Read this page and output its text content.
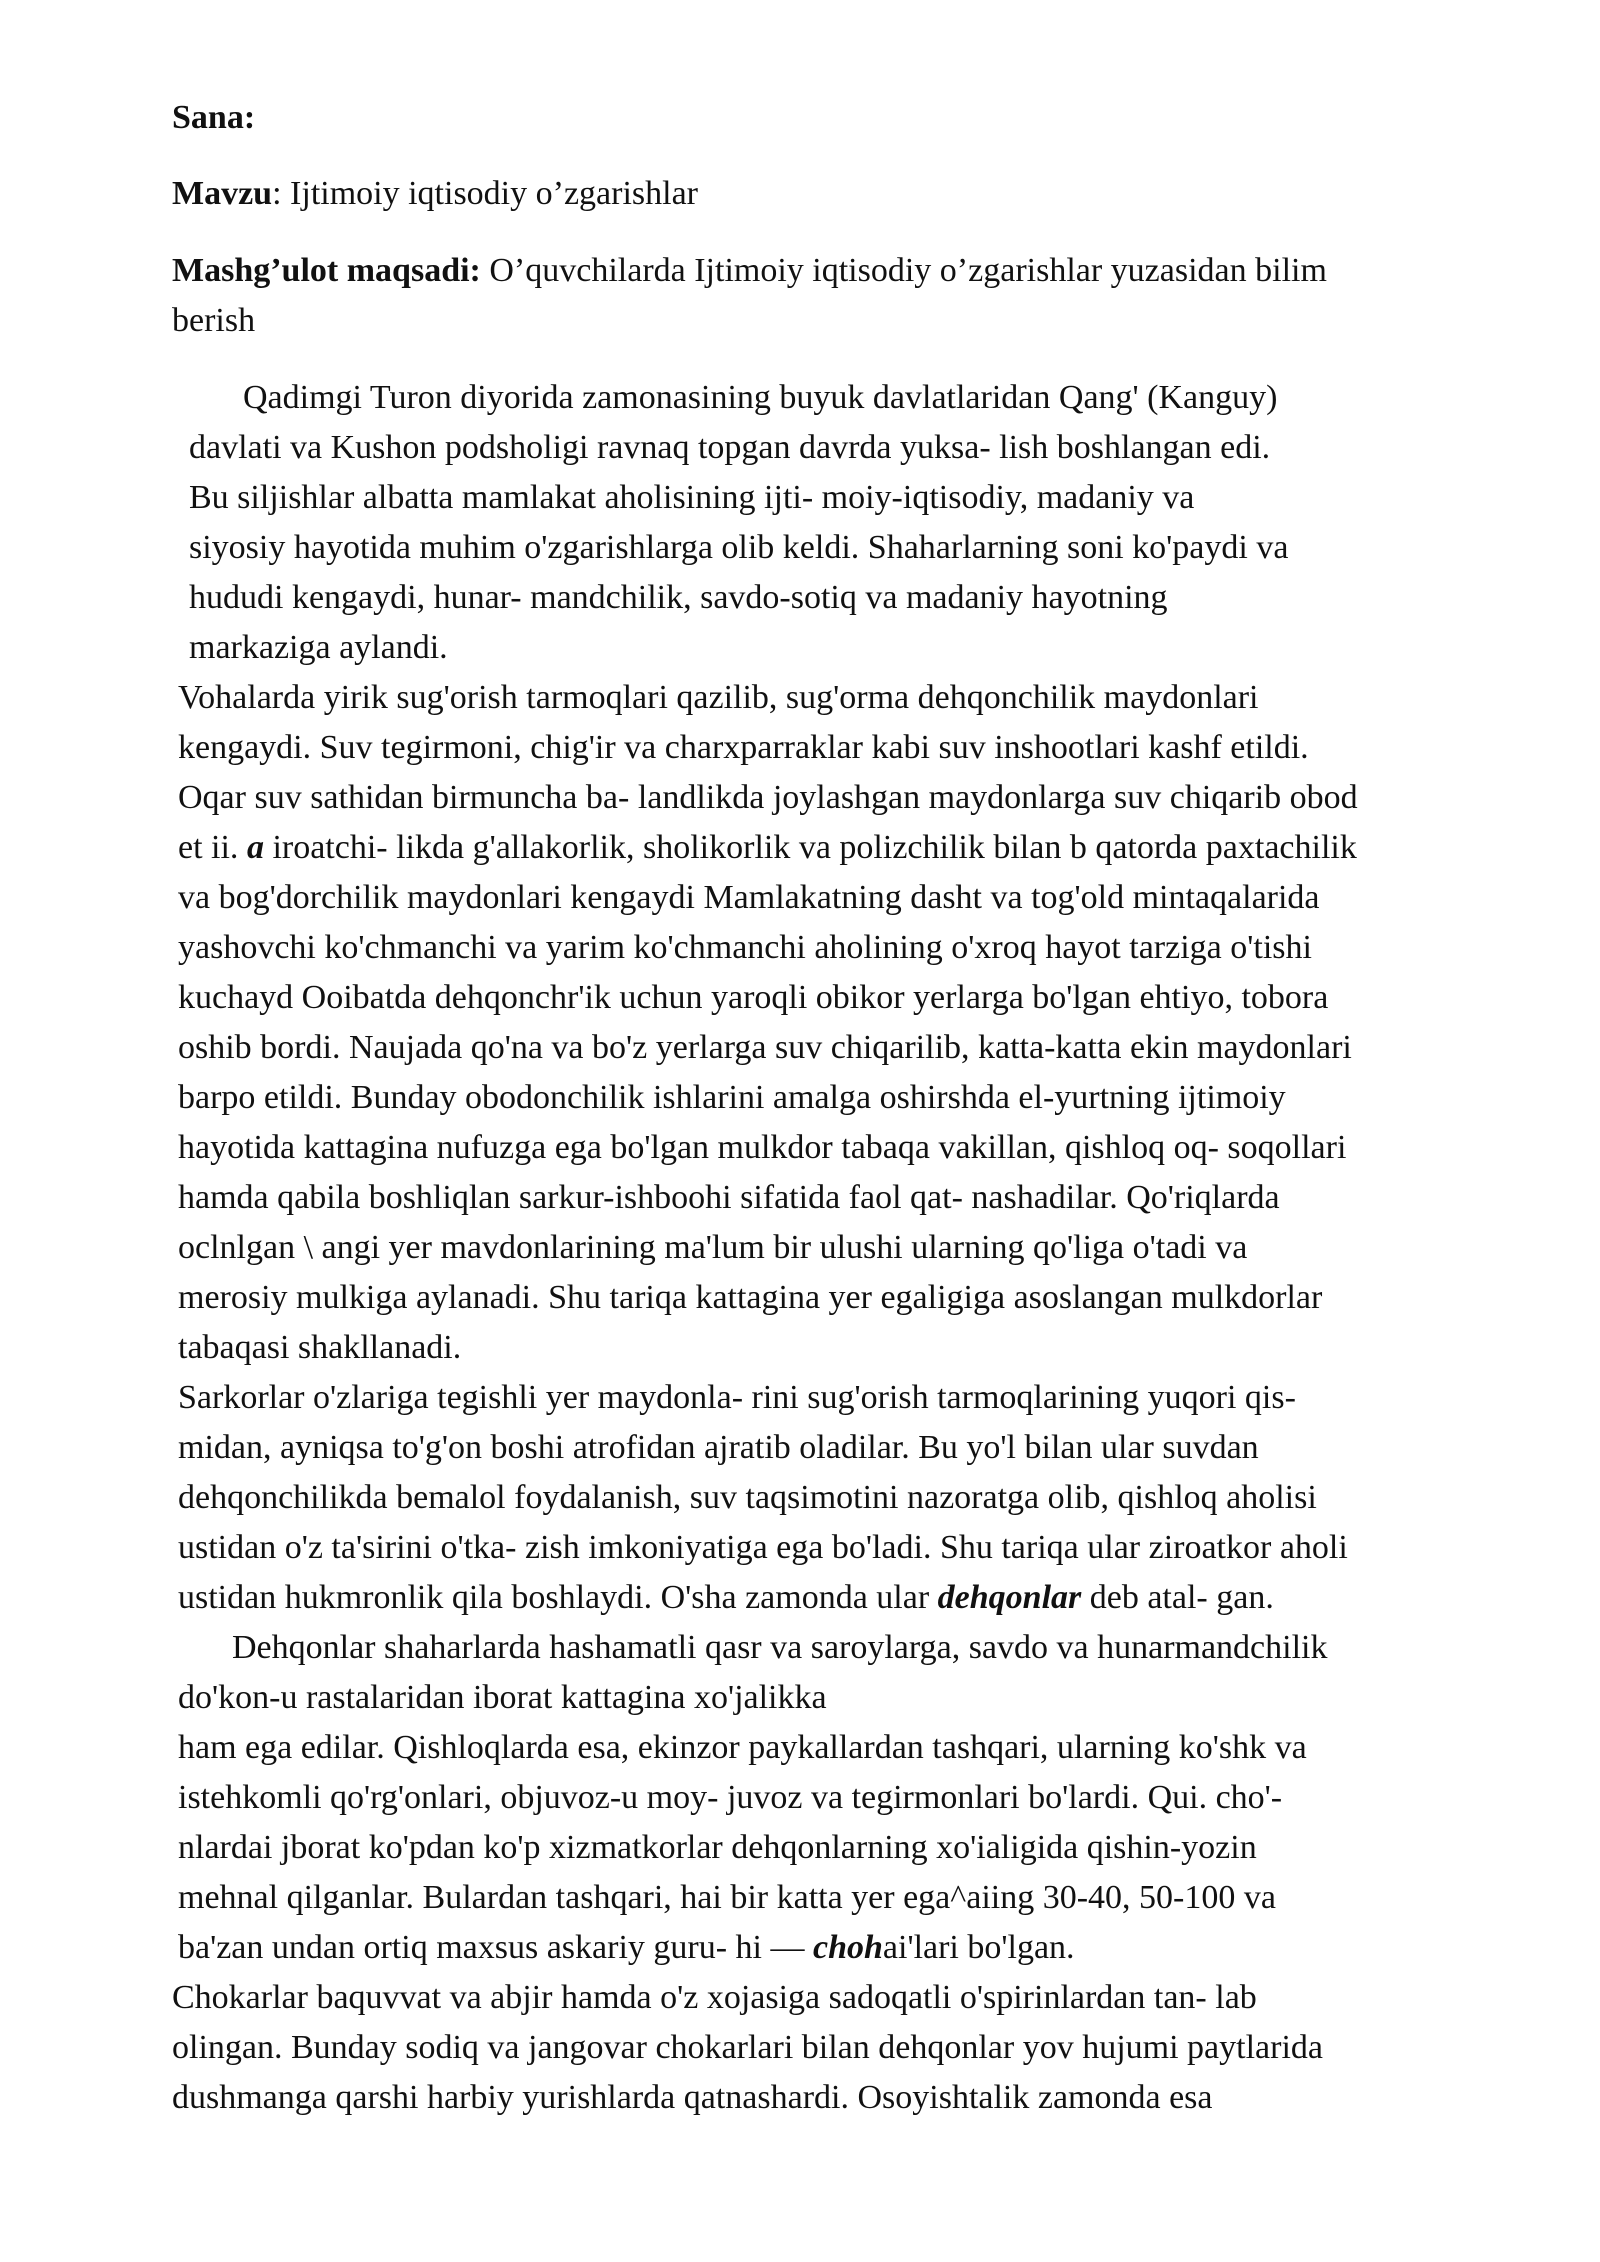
Sana:

Mavzu: Ijtimoiy iqtisodiy o’zgarishlar

Mashg’ulot maqsadi: O’quvchilarda Ijtimoiy iqtisodiy o’zgarishlar yuzasidan bilim
berish

Qadimgi Turon diyorida zamonasining buyuk davlatlaridan Qang' (Kanguy)
davlati va Kushon podsholigi ravnaq topgan davrda yuksa- lish boshlangan edi.
Bu siljishlar albatta mamlakat aholisining ijti- moiy-iqtisodiy, madaniy va
siyosiy hayotida muhim o'zgarishlarga olib keldi. Shaharlarning soni ko'paydi va
hududi kengaydi, hunar- mandchilik, savdo-sotiq va madaniy hayotning
markaziga aylandi.
Vohalarda yirik sug'orish tarmoqlari qazilib, sug'orma dehqonchilik maydonlari
kengaydi. Suv tegirmoni, chig'ir va charxparraklar kabi suv inshootlari kashf etildi.
Oqar suv sathidan birmuncha ba- landlikda joylashgan maydonlarga suv chiqarib obod
et ii. a iroatchi- likda g'allakorlik, sholikorlik va polizchilik bilan b qatorda paxtachilik
va bog'dorchilik maydonlari kengaydi Mamlakatning dasht va tog'old mintaqalarida
yashovchi ko'chmanchi va yarim ko'chmanchi aholining o'xroq hayot tarziga o'tishi
kuchayd Ooibatda dehqonchr'ik uchun yaroqli obikor yerlarga bo'lgan ehtiyo, tobora
oshib bordi. Naujada qo'na va bo'z yerlarga suv chiqarilib, katta-katta ekin maydonlari
barpo etildi. Bunday obodonchilik ishlarini amalga oshirshda el-yurtning ijtimoiy
hayotida kattagina nufuzga ega bo'lgan mulkdor tabaqa vakillan, qishloq oq- soqollari
hamda qabila boshliqlan sarkur-ishboohi sifatida faol qat- nashadilar. Qo'riqlarda
oclnlgan \ angi yer mavdonlarining ma'lum bir ulushi ularning qo'liga o'tadi va
merosiy mulkiga aylanadi. Shu tariqa kattagina yer egaligiga asoslangan mulkdorlar
tabaqasi shakllanadi.
Sarkorlar o'zlariga tegishli yer maydonla- rini sug'orish tarmoqlarining yuqori qis-
midan, ayniqsa to'g'on boshi atrofidan ajratib oladilar. Bu yo'l bilan ular suvdan
dehqonchilikda bemalol foydalanish, suv taqsimotini nazoratga olib, qishloq aholisi
ustidan o'z ta'sirini o'tka- zish imkoniyatiga ega bo'ladi. Shu tariqa ular ziroatkor aholi
ustidan hukmronlik qila boshlaydi. O'sha zamonda ular dehqonlar deb atal- gan.
Dehqonlar shaharlarda hashamatli qasr va saroylarga, savdo va hunarmandchilik
do'kon-u rastalaridan iborat kattagina xo'jalikka
ham ega edilar. Qishloqlarda esa, ekinzor paykallardan tashqari, ularning ko'shk va
istehkomli qo'rg'onlari, objuvoz-u moy- juvoz va tegirmonlari bo'lardi. Qui. cho'-
nlardai jborat ko'pdan ko'p xizmatkorlar dehqonlarning xo'ialigida qishin-yozin
mehnal qilganlar. Bulardan tashqari, hai bir katta yer ega^aiing 30-40, 50-100 va
ba'zan undan ortiq maxsus askariy guru- hi — chohai'lari bo'lgan.
Chokarlar baquvvat va abjir hamda o'z xojasiga sadoqatli o'spirinlardan tan- lab
olingan. Bunday sodiq va jangovar chokarlari bilan dehqonlar yov hujumi paytlarida
dushmanga qarshi harbiy yurishlarda qatnashardi. Osoyishtalik zamonda esa
